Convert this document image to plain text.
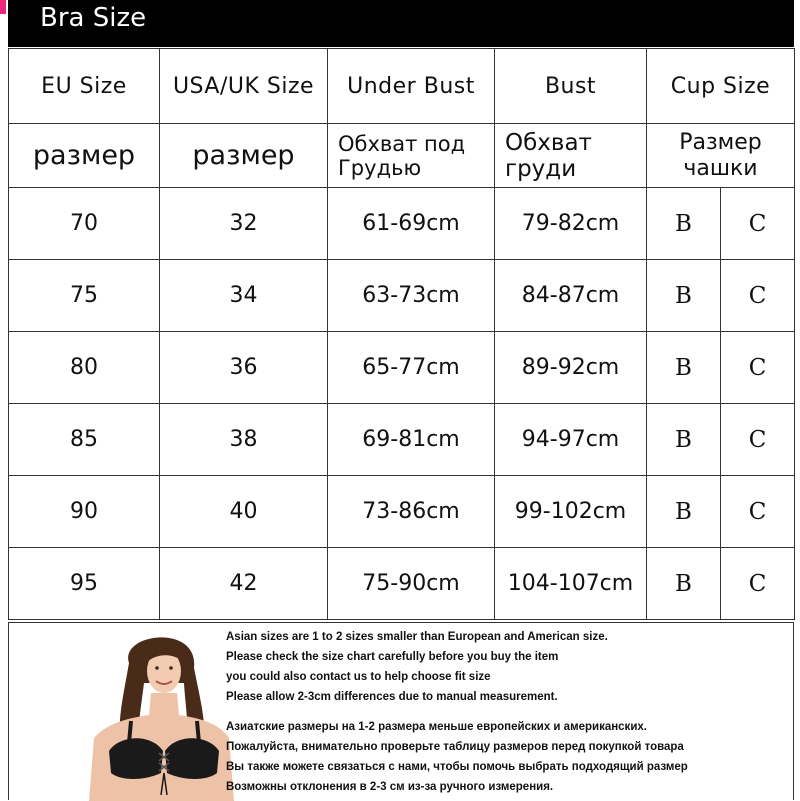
Bra Size
EU Size	USA/UK Size	Under Bust	Bust	Cup Size	
размер	размер	Обхват под Грудью	Обхват груди	Размер чашки	

70	32	61-69cm	79-82cm	B	C
75	34	63-73cm	84-87cm	B	C
80	36	65-77cm	89-92cm	B	C
85	38	69-81cm	94-97cm	B	C
90	40	73-86cm	99-102cm	B	C
95	42	75-90cm	104-107cm	B	C
Asian sizes are 1 to 2 sizes smaller than European and American size.
Please check the size chart carefully before you buy the item
you could also contact us to help choose fit size
Please allow 2-3cm differences due to manual measurement.
Азиатские размеры на 1-2 размера меньше европейских и американских.
Пожалуйста, внимательно проверьте таблицу размеров перед покупкой товара
Вы также можете связаться с нами, чтобы помочь выбрать подходящий размер
Возможны отклонения в 2-3 см из-за ручного измерения.
